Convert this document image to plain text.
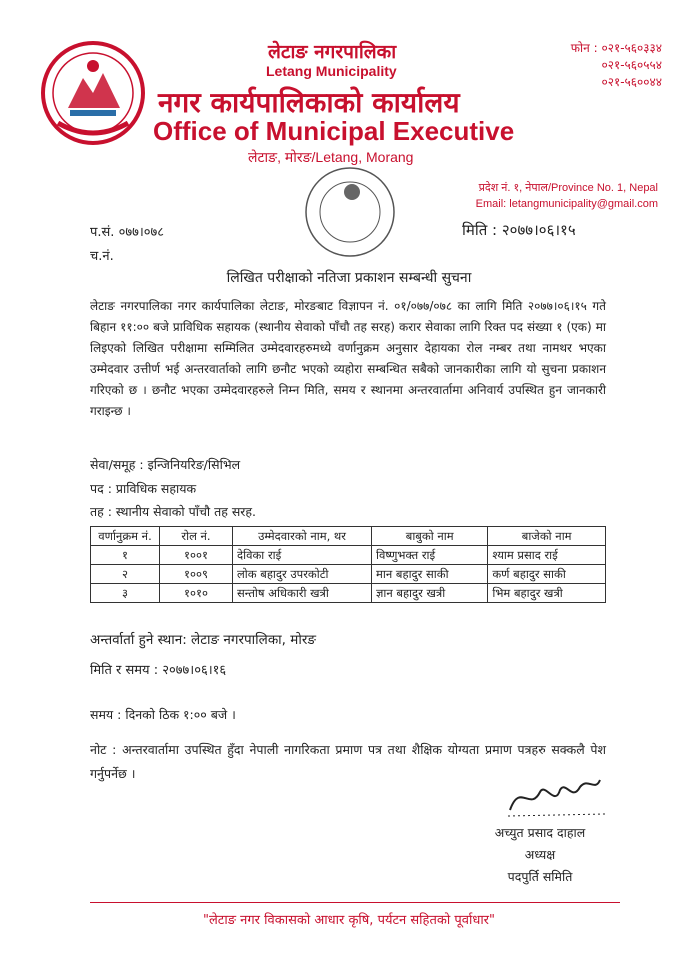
लेटाङ नगरपालिका
Letang Municipality
नगर कार्यपालिकाको कार्यालय
Office of Municipal Executive
लेटाङ, मोरङ/Letang, Morang
फोन : ०२१-५६०३३४
०२१-५६०५५४
०२१-५६००४४
प्रदेश नं. १, नेपाल/Province No. 1, Nepal
Email: letangmunicipality@gmail.com
प.सं. ०७७।०७८
च.नं.
मिति : २०७७।०६।१५
लिखित परीक्षाको नतिजा प्रकाशन सम्बन्धी सुचना
लेटाङ नगरपालिका नगर कार्यपालिका लेटाङ, मोरङबाट विज्ञापन नं. ०१/०७७/०७८ का लागि मिति २०७७।०६।१५ गते बिहान ११:०० बजे प्राविधिक सहायक (स्थानीय सेवाको पाँचौ तह सरह) करार सेवाका लागि रिक्त पद संख्या १ (एक) मा लिइएको लिखित परीक्षामा सम्मिलित उम्मेदवारहरुमध्ये वर्णानुक्रम अनुसार देहायका रोल नम्बर तथा नामथर भएका उम्मेदवार उत्तीर्ण भई अन्तरवार्ताको लागि छनौट भएको व्यहोरा सम्बन्धित सबैको जानकारीका लागि यो सुचना प्रकाशन गरिएको छ । छनौट भएका उम्मेदवारहरुले निम्न मिति, समय र स्थानमा अन्तरवार्तामा अनिवार्य उपस्थित हुन जानकारी गराइन्छ ।
सेवा/समूह : इन्जिनियरिङ/सिभिल
पद : प्राविधिक सहायक
तह : स्थानीय सेवाको पाँचौ तह सरह.
वर्णानुक्रम नं.	रोल नं.	उम्मेदवारको नाम, थर	बाबुको नाम	बाजेको नाम
१	१००१	देविका राई	विष्णुभक्त राई	श्याम प्रसाद राई
२	१००९	लोक बहादुर उपरकोटी	मान बहादुर साकी	कर्ण बहादुर साकी
३	१०१०	सन्तोष अधिकारी खत्री	ज्ञान बहादुर खत्री	भिम बहादुर खत्री
अन्तर्वार्ता हुने स्थान: लेटाङ नगरपालिका, मोरङ
मिति र समय : २०७७।०६।१६
समय : दिनको ठिक १:०० बजे ।
नोट : अन्तरवार्तामा उपस्थित हुँदा नेपाली नागरिकता प्रमाण पत्र तथा शैक्षिक योग्यता प्रमाण पत्रहरु सक्कलै पेश गर्नुपर्नेछ ।
अच्युत प्रसाद दाहाल
अध्यक्ष
पदपुर्ति समिति
"लेटाङ नगर विकासको आधार कृषि, पर्यटन सहितको पूर्वाधार"
